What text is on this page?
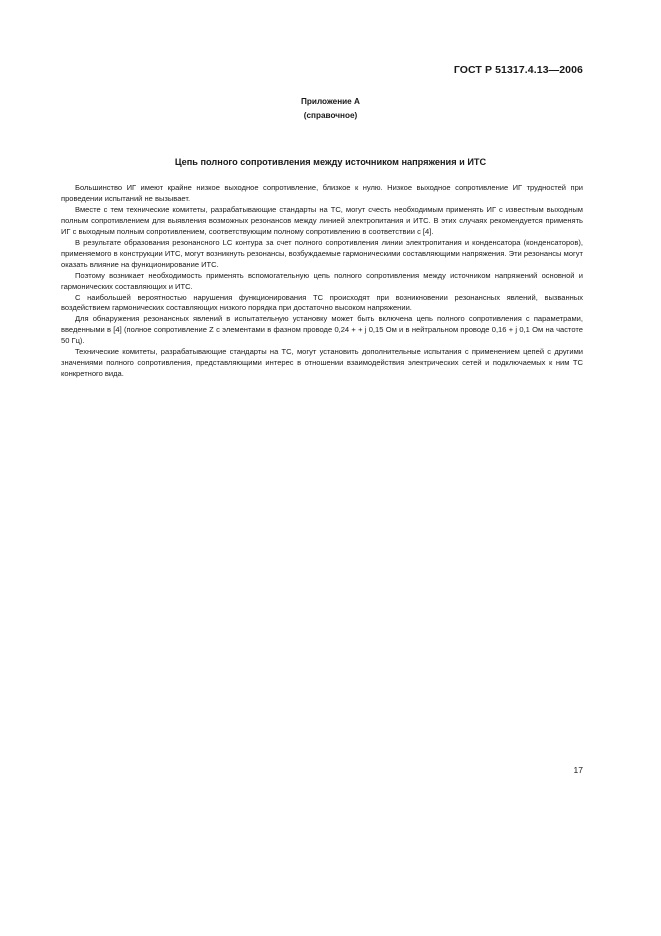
ГОСТ Р 51317.4.13—2006
Приложение А
(справочное)
Цепь полного сопротивления между источником напряжения и ИТС

Большинство ИГ имеют крайне низкое выходное сопротивление, близкое к нулю. Низкое выходное сопротивление ИГ трудностей при проведении испытаний не вызывает.

Вместе с тем технические комитеты, разрабатывающие стандарты на ТС, могут счесть необходимым применять ИГ с известным выходным полным сопротивлением для выявления возможных резонансов между линией электропитания и ИТС. В этих случаях рекомендуется применять ИГ с выходным полным сопротивлением, соответствующим полному сопротивлению в соответствии с [4].

В результате образования резонансного LC контура за счет полного сопротивления линии электропитания и конденсатора (конденсаторов), применяемого в конструкции ИТС, могут возникнуть резонансы, возбуждаемые гармоническими составляющими напряжения. Эти резонансы могут оказать влияние на функционирование ИТС.

Поэтому возникает необходимость применять вспомогательную цепь полного сопротивления между источником напряжений основной и гармонических составляющих и ИТС.

С наибольшей вероятностью нарушения функционирования ТС происходят при возникновении резонансных явлений, вызванных воздействием гармонических составляющих низкого порядка при достаточно высоком напряжении.

Для обнаружения резонансных явлений в испытательную установку может быть включена цепь полного сопротивления с параметрами, введенными в [4] (полное сопротивление Z с элементами в фазном проводе 0,24 + + j 0,15 Ом и в нейтральном проводе 0,16 + j 0,1 Ом на частоте 50 Гц).

Технические комитеты, разрабатывающие стандарты на ТС, могут установить дополнительные испытания с применением цепей с другими значениями полного сопротивления, представляющими интерес в отношении взаимодействия электрических сетей и подключаемых к ним ТС конкретного вида.

17
